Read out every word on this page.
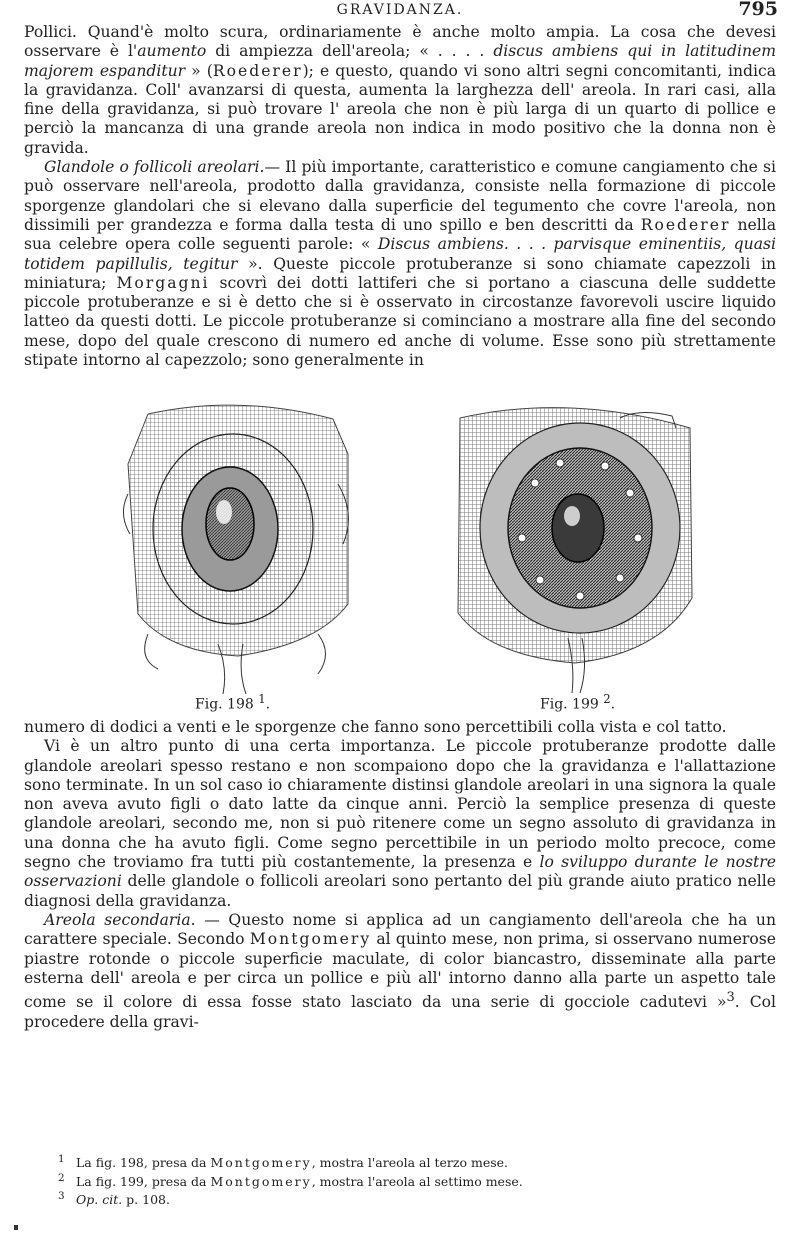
GRAVIDANZA.	795

Pollici. Quand'è molto scura, ordinariamente è anche molto ampia. La cosa che devesi osservare è l'aumento di ampiezza dell'areola; « . . . . discus ambiens qui in latitudinem majorem espanditur » (Roederer); e questo, quando vi sono altri segni concomitanti, indica la gravidanza. Coll' avanzarsi di questa, aumenta la larghezza dell' areola. In rari casi, alla fine della gravidanza, si può trovare l' areola che non è più larga di un quarto di pollice e perciò la mancanza di una grande areola non indica in modo positivo che la donna non è gravida.

Glandole o follicoli areolari.— Il più importante, caratteristico e comune cangiamento che si può osservare nell'areola, prodotto dalla gravidanza, consiste nella formazione di piccole sporgenze glandolari che si elevano dalla superficie del tegumento che covre l'areola, non dissimili per grandezza e forma dalla testa di uno spillo e ben descritti da Roederer nella sua celebre opera colle seguenti parole: « Discus ambiens. . . . parvisque eminentiis, quasi totidem papillulis, tegitur ». Queste piccole protuberanze si sono chiamate capezzoli in miniatura; Morgagni scovrì dei dotti lattiferi che si portano a ciascuna delle suddette piccole protuberanze e si è detto che si è osservato in circostanze favorevoli uscire liquido latteo da questi dotti. Le piccole protuberanze si cominciano a mostrare alla fine del secondo mese, dopo del quale crescono di numero ed anche di volume. Esse sono più strettamente stipate intorno al capezzolo; sono generalmente in

Fig. 198 $^1$.	Fig. 199 $^2$.

numero di dodici a venti e le sporgenze che fanno sono percettibili colla vista e col tatto.

Vi è un altro punto di una certa importanza. Le piccole protuberanze prodotte dalle glandole areolari spesso restano e non scompaiono dopo che la gravidanza e l'allattazione sono terminate. In un sol caso io chiaramente distinsi glandole areolari in una signora la quale non aveva avuto figli o dato latte da cinque anni. Perciò la semplice presenza di queste glandole areolari, secondo me, non si può ritenere come un segno assoluto di gravidanza in una donna che ha avuto figli. Come segno percettibile in un periodo molto precoce, come segno che troviamo fra tutti più costantemente, la presenza e lo sviluppo durante le nostre osservazioni delle glandole o follicoli areolari sono pertanto del più grande aiuto pratico nelle diagnosi della gravidanza.

Areola secondaria. — Questo nome si applica ad un cangiamento dell'areola che ha un carattere speciale. Secondo Montgomery al quinto mese, non prima, si osservano numerose piastre rotonde o piccole superficie maculate, di color biancastro, disseminate alla parte esterna dell' areola e per circa un pollice e più all' intorno danno alla parte un aspetto tale come se il colore di essa fosse stato lasciato da una serie di gocciole cadutevi »$^3$. Col procedere della gravi-

$^1$ La fig. 198, presa da Montgomery, mostra l'areola al terzo mese.
$^2$ La fig. 199, presa da Montgomery, mostra l'areola al settimo mese.
$^3$ Op. cit. p. 108.
